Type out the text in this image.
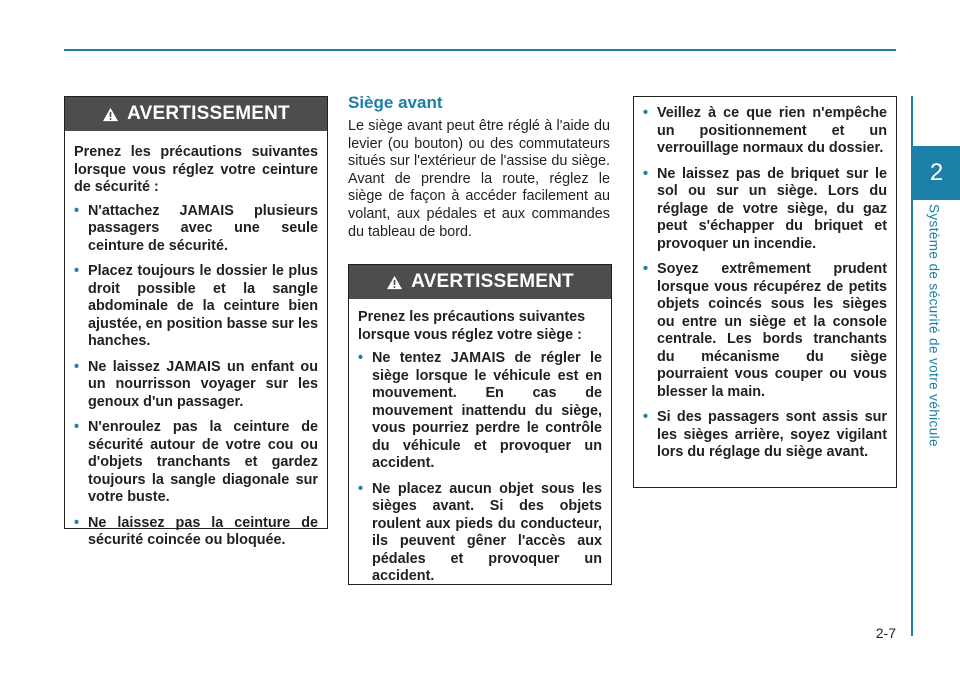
2
Système de sécurité de votre véhicule
AVERTISSEMENT

Prenez les précautions suivantes lorsque vous réglez votre ceinture de sécurité :

• N'attachez JAMAIS plusieurs passagers avec une seule ceinture de sécurité.
• Placez toujours le dossier le plus droit possible et la sangle abdominale de la ceinture bien ajustée, en position basse sur les hanches.
• Ne laissez JAMAIS un enfant ou un nourrisson voyager sur les genoux d'un passager.
• N'enroulez pas la ceinture de sécurité autour de votre cou ou d'objets tranchants et gardez toujours la sangle diagonale sur votre buste.
• Ne laissez pas la ceinture de sécurité coincée ou bloquée.
Siège avant

Le siège avant peut être réglé à l'aide du levier (ou bouton) ou des commutateurs situés sur l'extérieur de l'assise du siège. Avant de prendre la route, réglez le siège de façon à accéder facilement au volant, aux pédales et aux commandes du tableau de bord.

AVERTISSEMENT

Prenez les précautions suivantes lorsque vous réglez votre siège :

• Ne tentez JAMAIS de régler le siège lorsque le véhicule est en mouvement. En cas de mouvement inattendu du siège, vous pourriez perdre le contrôle du véhicule et provoquer un accident.
• Ne placez aucun objet sous les sièges avant. Si des objets roulent aux pieds du conducteur, ils peuvent gêner l'accès aux pédales et provoquer un accident.
• Veillez à ce que rien n'empêche un positionnement et un verrouillage normaux du dossier.
• Ne laissez pas de briquet sur le sol ou sur un siège. Lors du réglage de votre siège, du gaz peut s'échapper du briquet et provoquer un incendie.
• Soyez extrêmement prudent lorsque vous récupérez de petits objets coincés sous les sièges ou entre un siège et la console centrale. Les bords tranchants du mécanisme du siège pourraient vous couper ou vous blesser la main.
• Si des passagers sont assis sur les sièges arrière, soyez vigilant lors du réglage du siège avant.
2-7
